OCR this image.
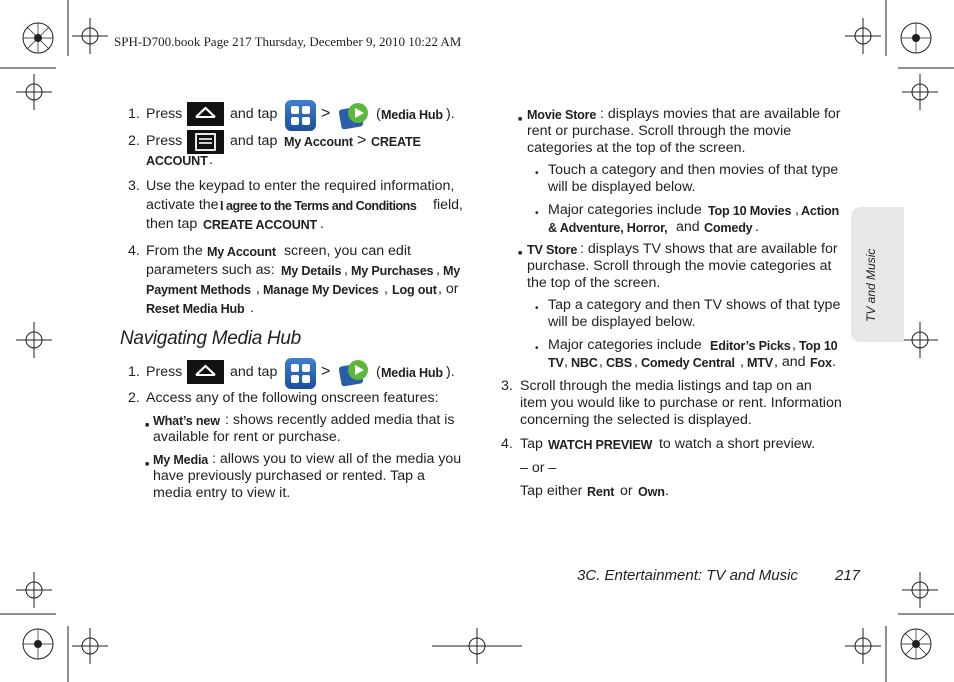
SPH-D700.book Page 217 Thursday, December 9, 2010 10:22 AM
TV and Music
1. Press	and tap	>	( Media Hub ).
2. Press	and tap My Account > CREATE
ACCOUNT .
3. Use the keypad to enter the required information,
activate the I agree to the Terms and Conditions field,
then tap CREATE ACCOUNT .
4. From the My Account screen, you can edit
parameters such as: My Details , My Purchases , My
Payment Methods , Manage My Devices , Log out , or
Reset Media Hub .
Navigating Media Hub
1. Press	and tap	>	( Media Hub ).
2. Access any of the following onscreen features:
■ What’s new : shows recently added media that is
available for rent or purchase.
■ My Media : allows you to view all of the media you
have previously purchased or rented. Tap a
media entry to view it.
■ Movie Store : displays movies that are available for
rent or purchase. Scroll through the movie
categories at the top of the screen.
• Touch a category and then movies of that type
will be displayed below.
• Major categories include Top 10 Movies ,
Action
& Adventure, Horror, and Comedy .
■ TV Store : displays TV shows that are available for
purchase. Scroll through the movie categories at
the top of the screen.
• Tap a category and then TV shows of that type
will be displayed below.
• Major categories include Editor’s Picks , Top 10
TV , NBC , CBS , Comedy Central , MTV , and Fox .
3. Scroll through the media listings and tap on an
item you would like to purchase or rent. Information
concerning the selected is displayed.
4. Tap WATCH PREVIEW to watch a short preview.
– or –
Tap either Rent or Own .
3C. Entertainment: TV and Music 217
